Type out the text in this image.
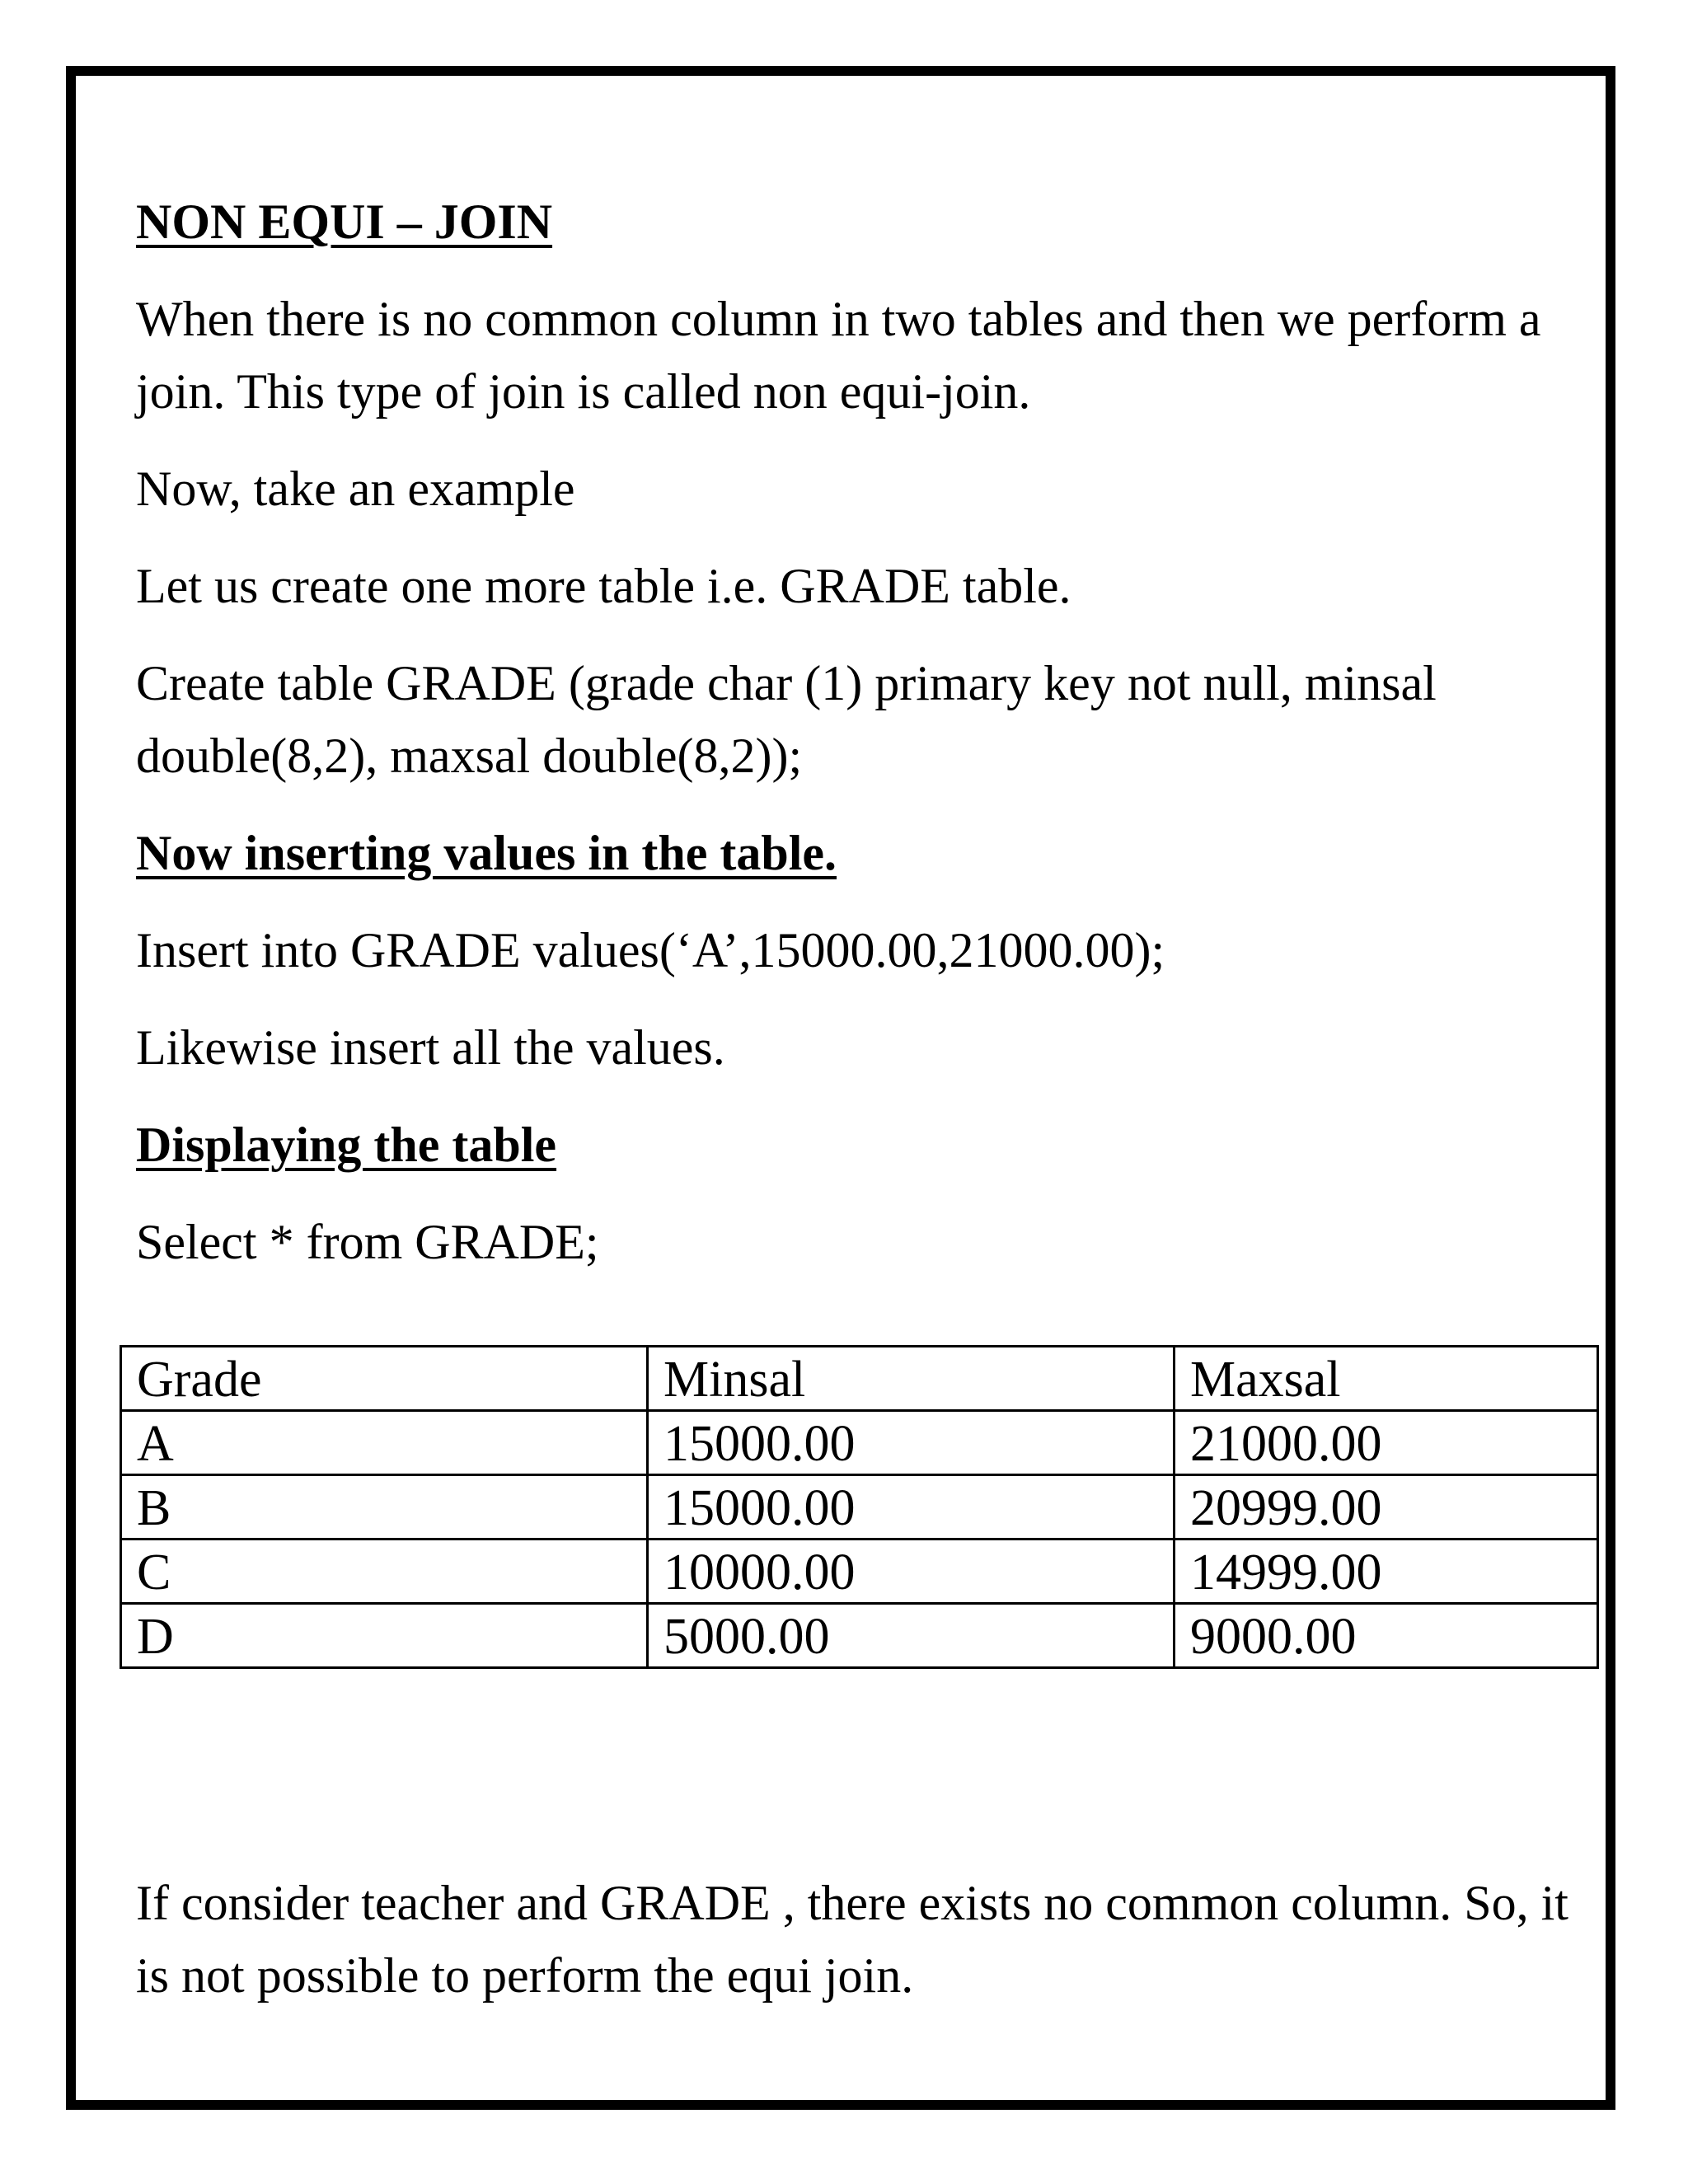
NON EQUI – JOIN
When there is no common column in two tables and then we perform a join. This type of join is called non equi-join.
Now, take an example
Let us create one more table i.e. GRADE table.
Create table GRADE (grade char (1) primary key not null, minsal double(8,2), maxsal double(8,2));
Now inserting values in the table.
Insert into GRADE values(‘A’,15000.00,21000.00);
Likewise insert all the values.
Displaying the table
Select * from GRADE;
Grade	Minsal	Maxsal
A	15000.00	21000.00
B	15000.00	20999.00
C	10000.00	14999.00
D	5000.00	9000.00
If consider teacher and GRADE , there exists no common column. So, it is not possible to perform the equi join.
